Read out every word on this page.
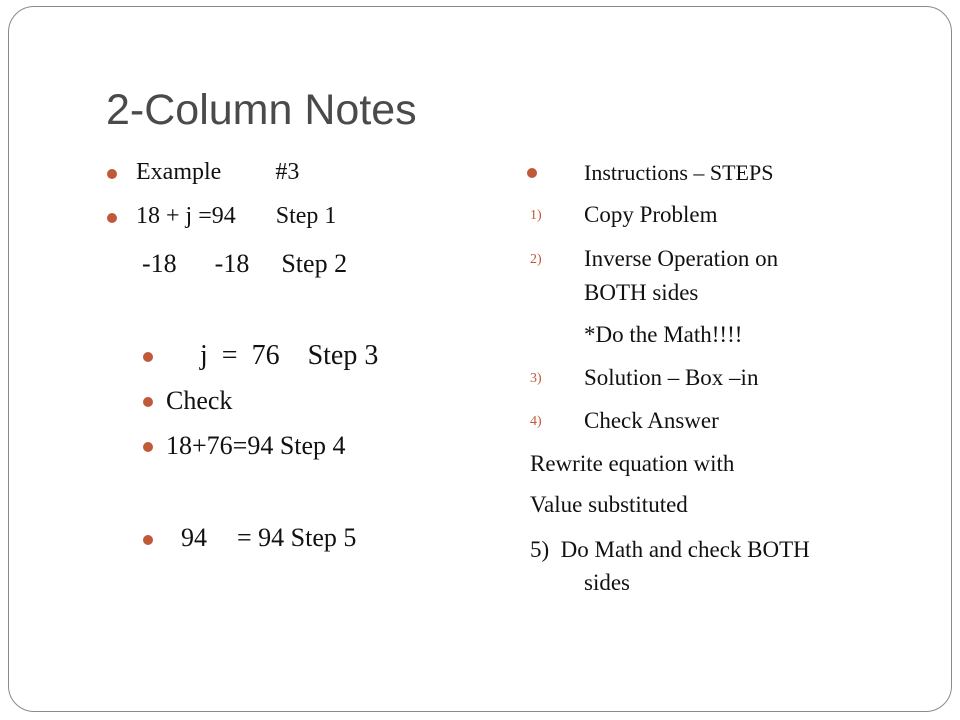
2-Column Notes
Example #3
18 + j =94 Step 1
-18 -18 Step 2
j  =  76 Step 3
Check
18+76=94 Step 4
94 = 94 Step 5
Instructions – STEPS
1) Copy Problem
2) Inverse Operation on
BOTH sides
*Do the Math!!!!
3) Solution – Box –in
4) Check Answer
Rewrite equation with
Value substituted
5)  Do Math and check BOTH
sides
